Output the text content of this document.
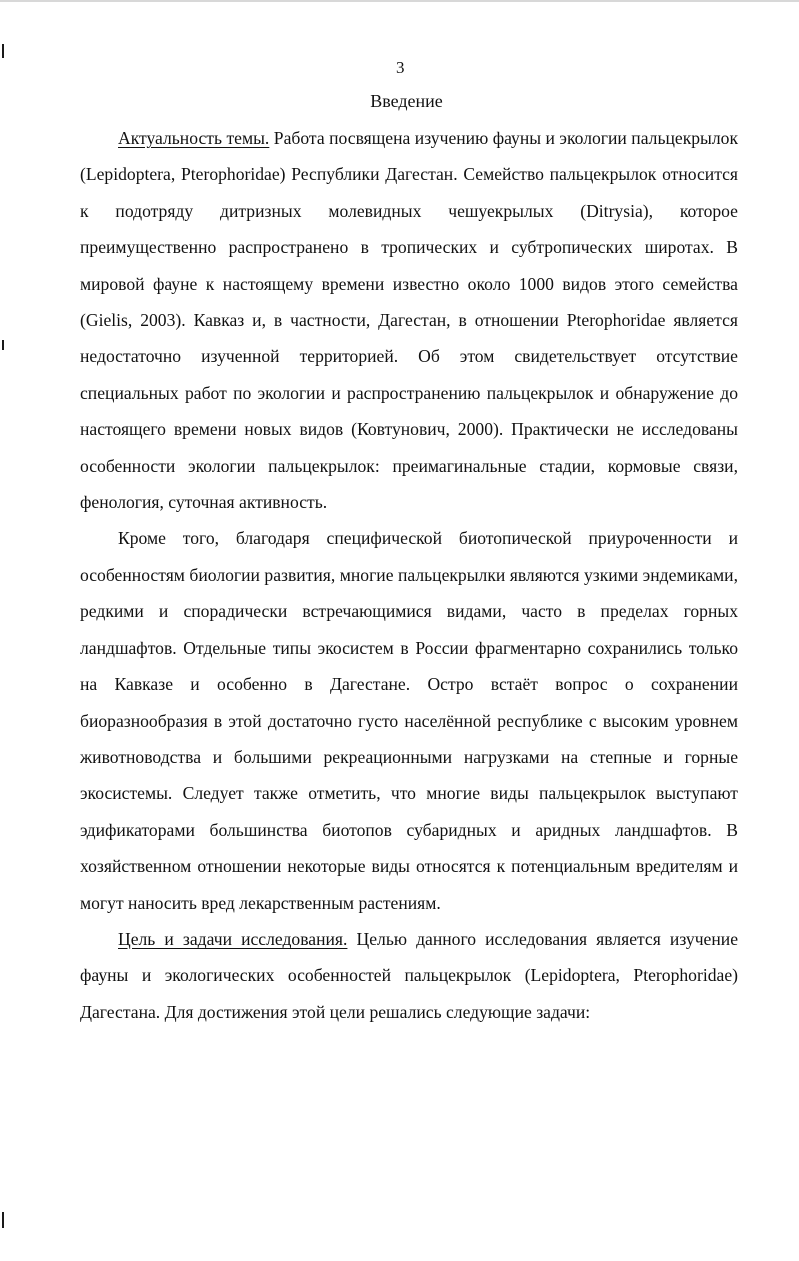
3
Введение

Актуальность темы. Работа посвящена изучению фауны и экологии пальцекрылок (Lepidoptera, Pterophoridae) Республики Дагестан. Семейство пальцекрылок относится к подотряду дитризных молевидных чешуекрылых (Ditrysia), которое преимущественно распространено в тропических и субтропических широтах. В мировой фауне к настоящему времени известно около 1000 видов этого семейства (Gielis, 2003). Кавказ и, в частности, Дагестан, в отношении Pterophoridae является недостаточно изученной территорией. Об этом свидетельствует отсутствие специальных работ по экологии и распространению пальцекрылок и обнаружение до настоящего времени новых видов (Ковтунович, 2000). Практически не исследованы особенности экологии пальцекрылок: преимагинальные стадии, кормовые связи, фенология, суточная активность.

Кроме того, благодаря специфической биотопической приуроченности и особенностям биологии развития, многие пальцекрылки являются узкими эндемиками, редкими и спорадически встречающимися видами, часто в пределах горных ландшафтов. Отдельные типы экосистем в России фрагментарно сохранились только на Кавказе и особенно в Дагестане. Остро встаёт вопрос о сохранении биоразнообразия в этой достаточно густо населённой республике с высоким уровнем животноводства и большими рекреационными нагрузками на степные и горные экосистемы. Следует также отметить, что многие виды пальцекрылок выступают эдификаторами большинства биотопов субаридных и аридных ландшафтов. В хозяйственном отношении некоторые виды относятся к потенциальным вредителям и могут наносить вред лекарственным растениям.

Цель и задачи исследования. Целью данного исследования является изучение фауны и экологических особенностей пальцекрылок (Lepidoptera, Pterophoridae) Дагестана. Для достижения этой цели решались следующие задачи:
